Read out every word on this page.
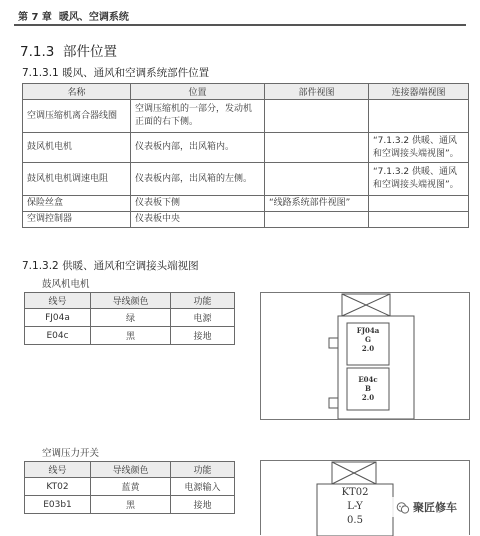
第 7 章 暖风、空调系统
7.1.3 部件位置
7.1.3.1 暖风、通风和空调系统部件位置
名称	位置	部件视图	连接器端视图
空调压缩机离合器线圈	空调压缩机的一部分，发动机正面的右下侧。		
鼓风机电机	仪表板内部，出风箱内。		“7.1.3.2 供暖、通风和空调接头端视图”。
鼓风机电机调速电阻	仪表板内部，出风箱的左侧。		“7.1.3.2 供暖、通风和空调接头端视图”。
保险丝盒	仪表板下侧	“线路系统部件视图”	
空调控制器	仪表板中央		
7.1.3.2 供暖、通风和空调接头端视图
鼓风机电机
线号	导线颜色	功能
FJ04a	绿	电源
E04c	黑	接地
FJ04a
G
2.0
E04c
B
2.0
空调压力开关
线号	导线颜色	功能
KT02	蓝黄	电源输入
E03b1	黑	接地
KT02
L-Y
0.5
聚匠修车
